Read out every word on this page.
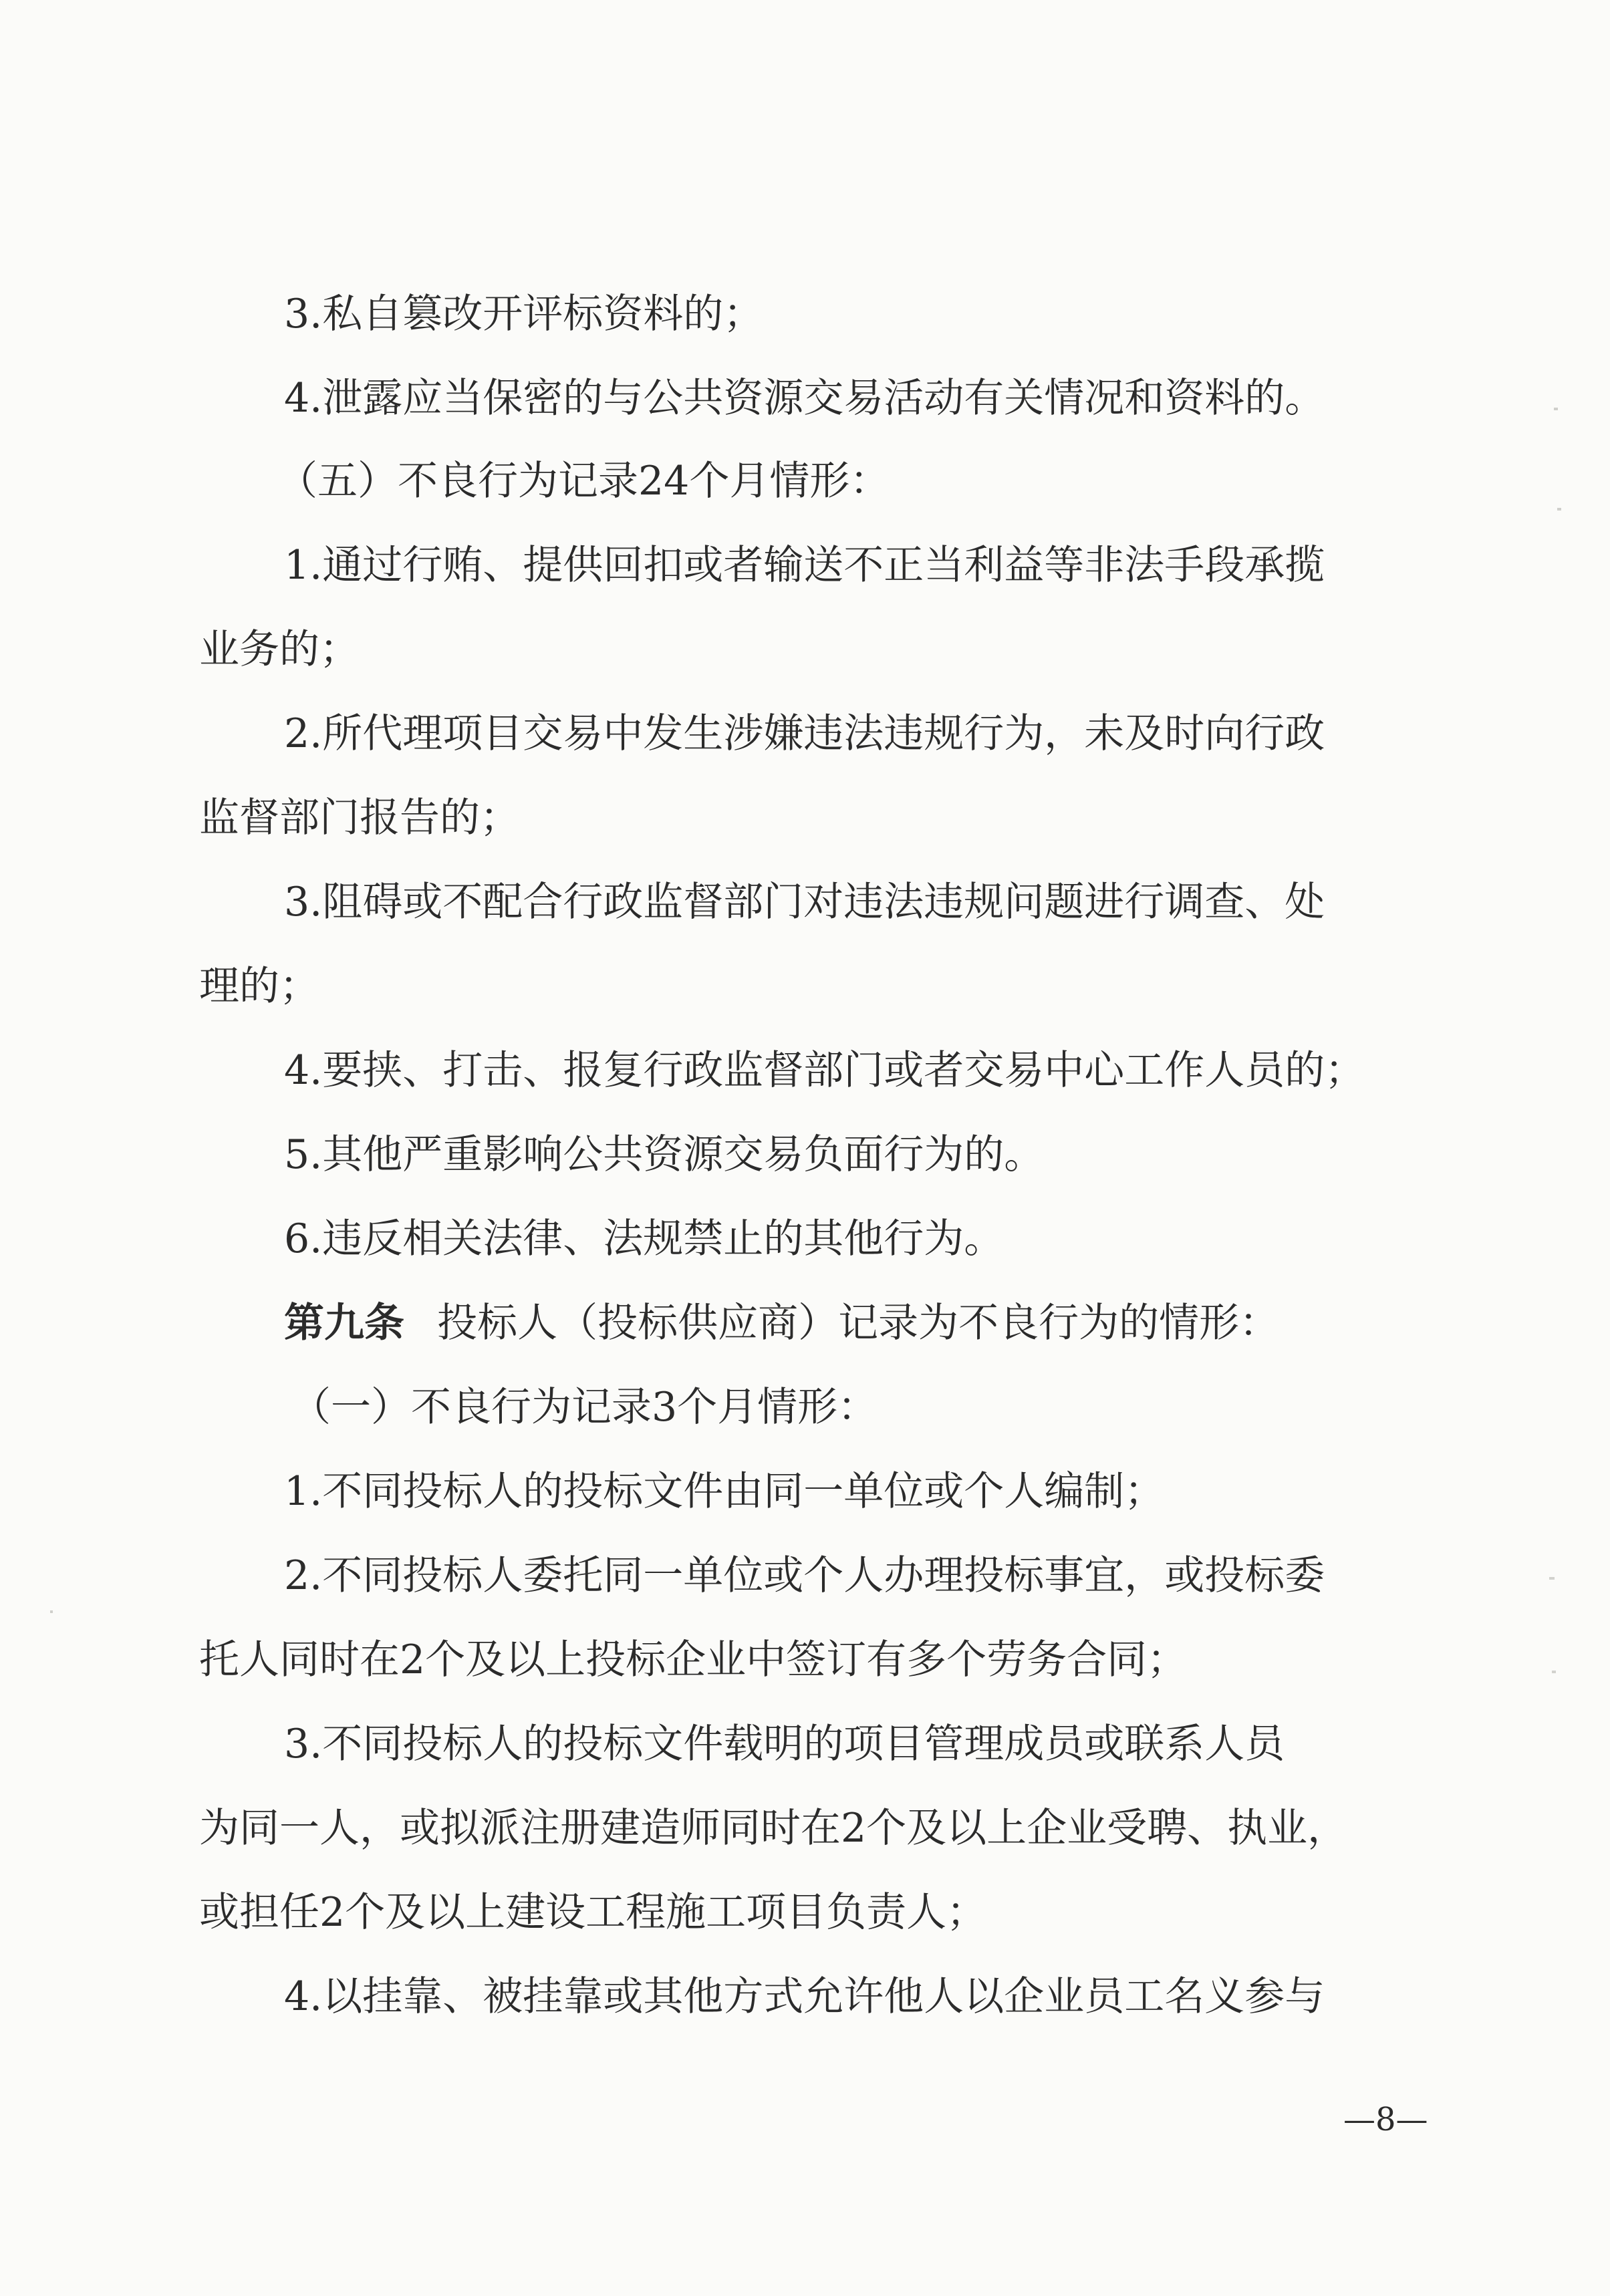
3.私自篡改开评标资料的；
4.泄露应当保密的与公共资源交易活动有关情况和资料的。
（五）不良行为记录24个月情形：
1.通过行贿、提供回扣或者输送不正当利益等非法手段承揽
业务的；
2.所代理项目交易中发生涉嫌违法违规行为，未及时向行政
监督部门报告的；
3.阻碍或不配合行政监督部门对违法违规问题进行调查、处
理的；
4.要挟、打击、报复行政监督部门或者交易中心工作人员的；
5.其他严重影响公共资源交易负面行为的。
6.违反相关法律、法规禁止的其他行为。
第九条 投标人（投标供应商）记录为不良行为的情形：
（一）不良行为记录3个月情形：
1.不同投标人的投标文件由同一单位或个人编制；
2.不同投标人委托同一单位或个人办理投标事宜，或投标委
托人同时在2个及以上投标企业中签订有多个劳务合同；
3.不同投标人的投标文件载明的项目管理成员或联系人员
为同一人，或拟派注册建造师同时在2个及以上企业受聘、执业，
或担任2个及以上建设工程施工项目负责人；
4.以挂靠、被挂靠或其他方式允许他人以企业员工名义参与
—8—
